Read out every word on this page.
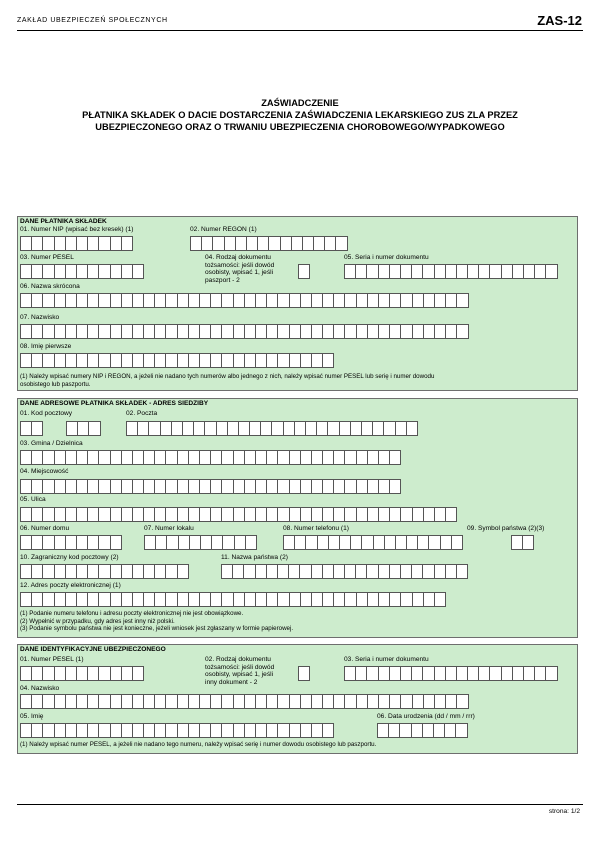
ZAKŁAD UBEZPIECZEŃ SPOŁECZNYCH	ZAS-12
ZAŚWIADCZENIE
PŁATNIKA SKŁADEK O DACIE DOSTARCZENIA ZAŚWIADCZENIA LEKARSKIEGO ZUS ZLA PRZEZ
UBEZPIECZONEGO ORAZ O TRWANIU UBEZPIECZENIA CHOROBOWEGO/WYPADKOWEGO
DANE PŁATNIKA SKŁADEK
01. Numer NIP (wpisać bez kresek) (1)	02. Numer REGON (1)
03. Numer PESEL	04. Rodzaj dokumentu
tożsamości: jeśli dowód
osobisty, wpisać 1, jeśli
paszport - 2
05. Seria i numer dokumentu
06. Nazwa skrócona
07. Nazwisko
08. Imię pierwsze
(1) Należy wpisać numery NIP i REGON, a jeżeli nie nadano tych numerów albo jednego z nich, należy wpisać numer PESEL lub serię i numer dowodu
osobistego lub paszportu.
DANE ADRESOWE PŁATNIKA SKŁADEK - ADRES SIEDZIBY
01. Kod pocztowy	02. Poczta
03. Gmina / Dzielnica
04. Miejscowość
05. Ulica
06. Numer domu	07. Numer lokalu	08. Numer telefonu (1)	09. Symbol państwa (2)(3)
10. Zagraniczny kod pocztowy (2)	11. Nazwa państwa (2)
12. Adres poczty elektronicznej (1)
(1) Podanie numeru telefonu i adresu poczty elektronicznej nie jest obowiązkowe.
(2) Wypełnić w przypadku, gdy adres jest inny niż polski.
(3) Podanie symbolu państwa nie jest konieczne, jeżeli wniosek jest zgłaszany w formie papierowej.
DANE IDENTYFIKACYJNE UBEZPIECZONEGO
01. Numer PESEL (1)	02. Rodzaj dokumentu
tożsamości: jeśli dowód
osobisty, wpisać 1, jeśli
inny dokument - 2
03. Seria i numer dokumentu
04. Nazwisko
05. Imię	06. Data urodzenia (dd / mm / rrr)
(1) Należy wpisać numer PESEL, a jeżeli nie nadano tego numeru, należy wpisać serię i numer dowodu osobistego lub paszportu.
strona: 1/2
